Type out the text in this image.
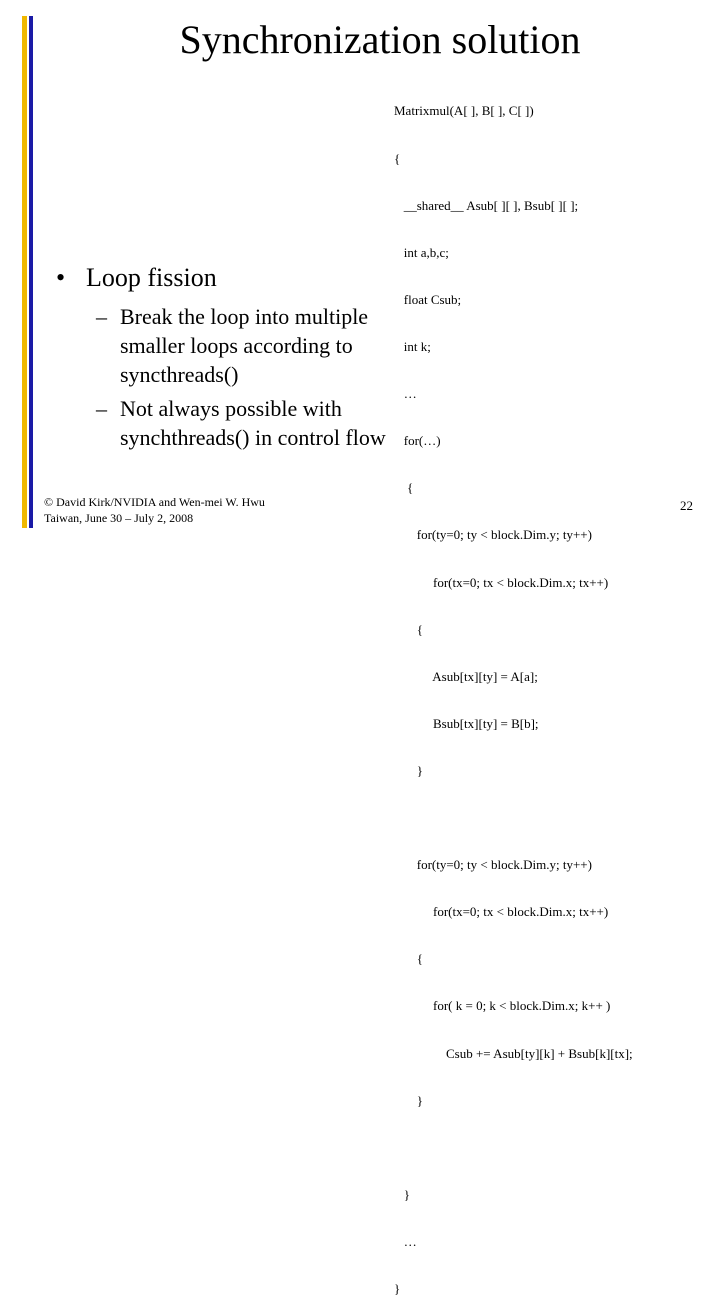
Synchronization solution

Matrixmul(A[ ], B[ ], C[ ])

{

__shared__ Asub[ ][ ], Bsub[ ][ ];

int a,b,c;

float Csub;

int k;

…

for(…)

{

for(ty=0; ty < block.Dim.y; ty++)

for(tx=0; tx < block.Dim.x; tx++)

{

Asub[tx][ty] = A[a];

Bsub[tx][ty] = B[b];

}

for(ty=0; ty < block.Dim.y; ty++)

for(tx=0; tx < block.Dim.x; tx++)

{

for( k = 0; k < block.Dim.x; k++ )

Csub += Asub[ty][k] + Bsub[k][tx];

}

}

…

}

• Loop fission
– Break the loop into multiple smaller loops according to syncthreads()
– Not always possible with synchthreads() in control flow
© David Kirk/NVIDIA and Wen-mei W. Hwu
Taiwan, June 30 – July 2, 2008
22
